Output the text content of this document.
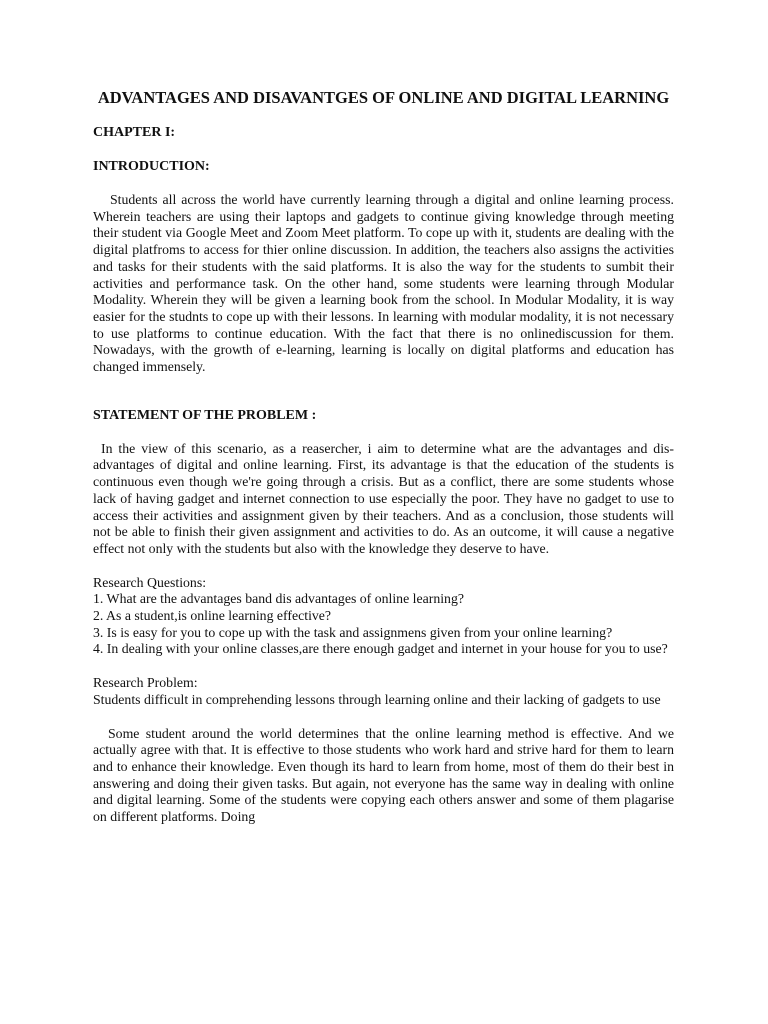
ADVANTAGES AND DISAVANTGES OF ONLINE AND DIGITAL LEARNING
CHAPTER I:
INTRODUCTION:

Students all across the world have currently learning through a digital and online learning process. Wherein teachers are using their laptops and gadgets to continue giving knowledge through meeting their student via Google Meet and Zoom Meet platform. To cope up with it, students are dealing with the digital platfroms to access for thier online discussion. In addition, the teachers also assigns the activities and tasks for their students with the said platforms. It is also the way for the students to sumbit their activities and performance task. On the other hand, some students were learning through Modular Modality. Wherein they will be given a learning book from the school. In Modular Modality, it is way easier for the studnts to cope up with their lessons. In learning with modular modality, it is not necessary to use platforms to continue education. With the fact that there is no onlinediscussion for them. Nowadays, with the growth of e-learning, learning is locally on digital platforms and education has changed immensely.

STATEMENT OF THE PROBLEM :

In the view of this scenario, as a reasercher, i aim to determine what are the advantages and dis-advantages of digital and online learning. First, its advantage is that the education of the students is continuous even though we're going through a crisis. But as a conflict, there are some students whose lack of having gadget and internet connection to use especially the poor. They have no gadget to use to access their activities and assignment given by their teachers. And as a conclusion, those students will not be able to finish their given assignment and activities to do. As an outcome, it will cause a negative effect not only with the students but also with the knowledge they deserve to have.

Research Questions:
1. What are the advantages band dis advantages of online learning?
2. As a student,is online learning effective?
3. Is is easy for you to cope up with the task and assignmens given from your online learning?
4. In dealing with your online classes,are there enough gadget and internet in your house for you to use?
Research Problem:

Students difficult in comprehending lessons through learning online and their lacking of gadgets to use

Some student around the world determines that the online learning method is effective. And we actually agree with that. It is effective to those students who work hard and strive hard for them to learn and to enhance their knowledge. Even though its hard to learn from home, most of them do their best in answering and doing their given tasks. But again, not everyone has the same way in dealing with online and digital learning. Some of the students were copying each others answer and some of them plagarise on different platforms. Doing
